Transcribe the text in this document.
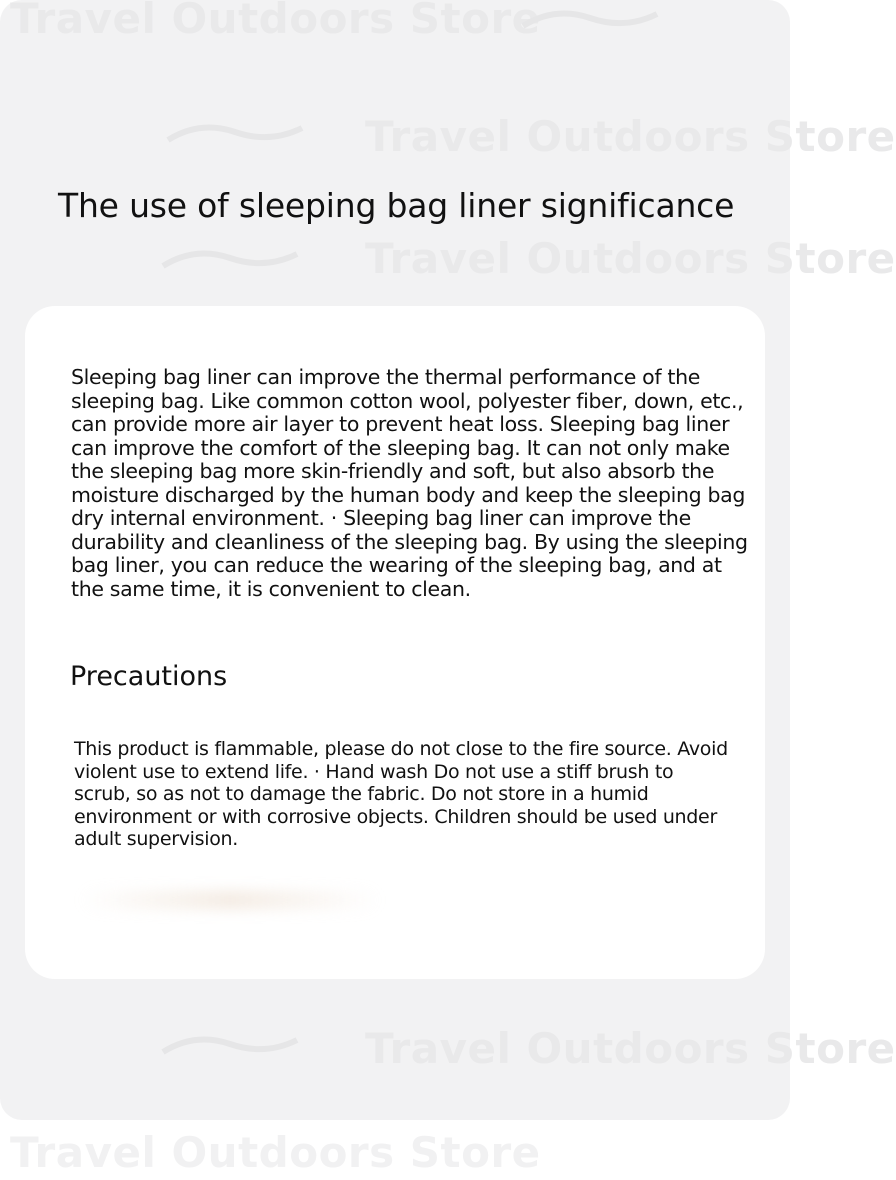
Travel Outdoors Store
Travel Outdoors Store
Travel Outdoors Store
Travel Outdoors Store
The use of sleeping bag liner significance

Sleeping bag liner can improve the thermal performance of the sleeping bag. Like common cotton wool, polyester fiber, down, etc., can provide more air layer to prevent heat loss. Sleeping bag liner can improve the comfort of the sleeping bag. It can not only make the sleeping bag more skin-friendly and soft, but also absorb the moisture discharged by the human body and keep the sleeping bag dry internal environment. · Sleeping bag liner can improve the durability and cleanliness of the sleeping bag. By using the sleeping bag liner, you can reduce the wearing of the sleeping bag, and at the same time, it is convenient to clean.

Precautions

This product is flammable, please do not close to the fire source. Avoid violent use to extend life. · Hand wash Do not use a stiff brush to scrub, so as not to damage the fabric. Do not store in a humid environment or with corrosive objects. Children should be used under adult supervision.

Travel Outdoors Store
